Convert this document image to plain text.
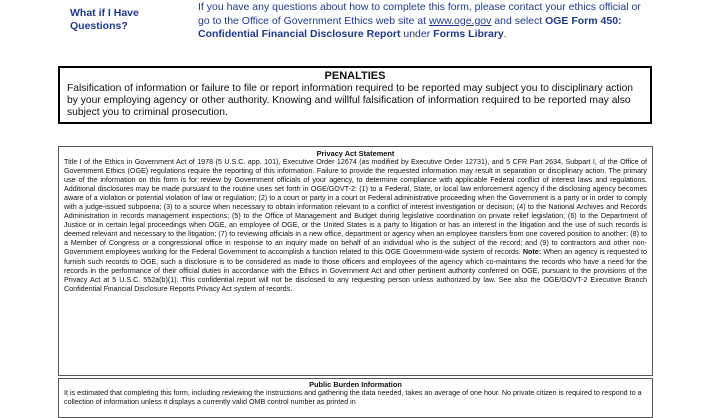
What if I Have Questions?
If you have any questions about how to complete this form, please contact your ethics official or go to the Office of Government Ethics web site at www.oge.gov and select OGE Form 450: Confidential Financial Disclosure Report under Forms Library.
PENALTIES
Falsification of information or failure to file or report information required to be reported may subject you to disciplinary action by your employing agency or other authority. Knowing and willful falsification of information required to be reported may also subject you to criminal prosecution.
Privacy Act Statement
Title I of the Ethics in Government Act of 1978 (5 U.S.C. app. 101), Executive Order 12674 (as modified by Executive Order 12731), and 5 CFR Part 2634, Subpart I, of the Office of Government Ethics (OGE) regulations require the reporting of this information. Failure to provide the requested information may result in separation or disciplinary action. The primary use of the information on this form is for review by Government officials of your agency, to determine compliance with applicable Federal conflict of interest laws and regulations. Additional disclosures may be made pursuant to the routine uses set forth in OGE/GOVT-2: (1) to a Federal, State, or local law enforcement agency if the disclosing agency becomes aware of a violation or potential violation of law or regulation; (2) to a court or party in a court or Federal administrative proceeding when the Government is a party or in order to comply with a judge-issued subpoena; (3) to a source when necessary to obtain information relevant to a conflict of interest investigation or decision; (4) to the National Archives and Records Administration in records management inspections; (5) to the Office of Management and Budget during legislative coordination on private relief legislation; (6) to the Department of Justice or in certain legal proceedings when OGE, an employee of OGE, or the United States is a party to litigation or has an interest in the litigation and the use of such records is deemed relevant and necessary to the litigation; (7) to reviewing officials in a new office, department or agency when an employee transfers from one covered position to another; (8) to a Member of Congress or a congressional office in response to an inquiry made on behalf of an individual who is the subject of the record; and (9) to contractors and other non-Government employees working for the Federal Government to accomplish a function related to this OGE Government-wide system of records. Note: When an agency is requested to furnish such records to OGE, such a disclosure is to be considered as made to those officers and employees of the agency which co-maintains the records who have a need for the records in the performance of their official duties in accordance with the Ethics in Government Act and other pertinent authority conferred on OGE, pursuant to the provisions of the Privacy Act at 5 U.S.C. 552a(b)(1). This confidential report will not be disclosed to any requesting person unless authorized by law. See also the OGE/GOVT-2 Executive Branch Confidential Financial Disclosure Reports Privacy Act system of records.
Public Burden Information
It is estimated that completing this form, including reviewing the instructions and gathering the data needed, takes an average of one hour. No private citizen is required to respond to a collection of information unless it displays a currently valid OMB control number as printed in
